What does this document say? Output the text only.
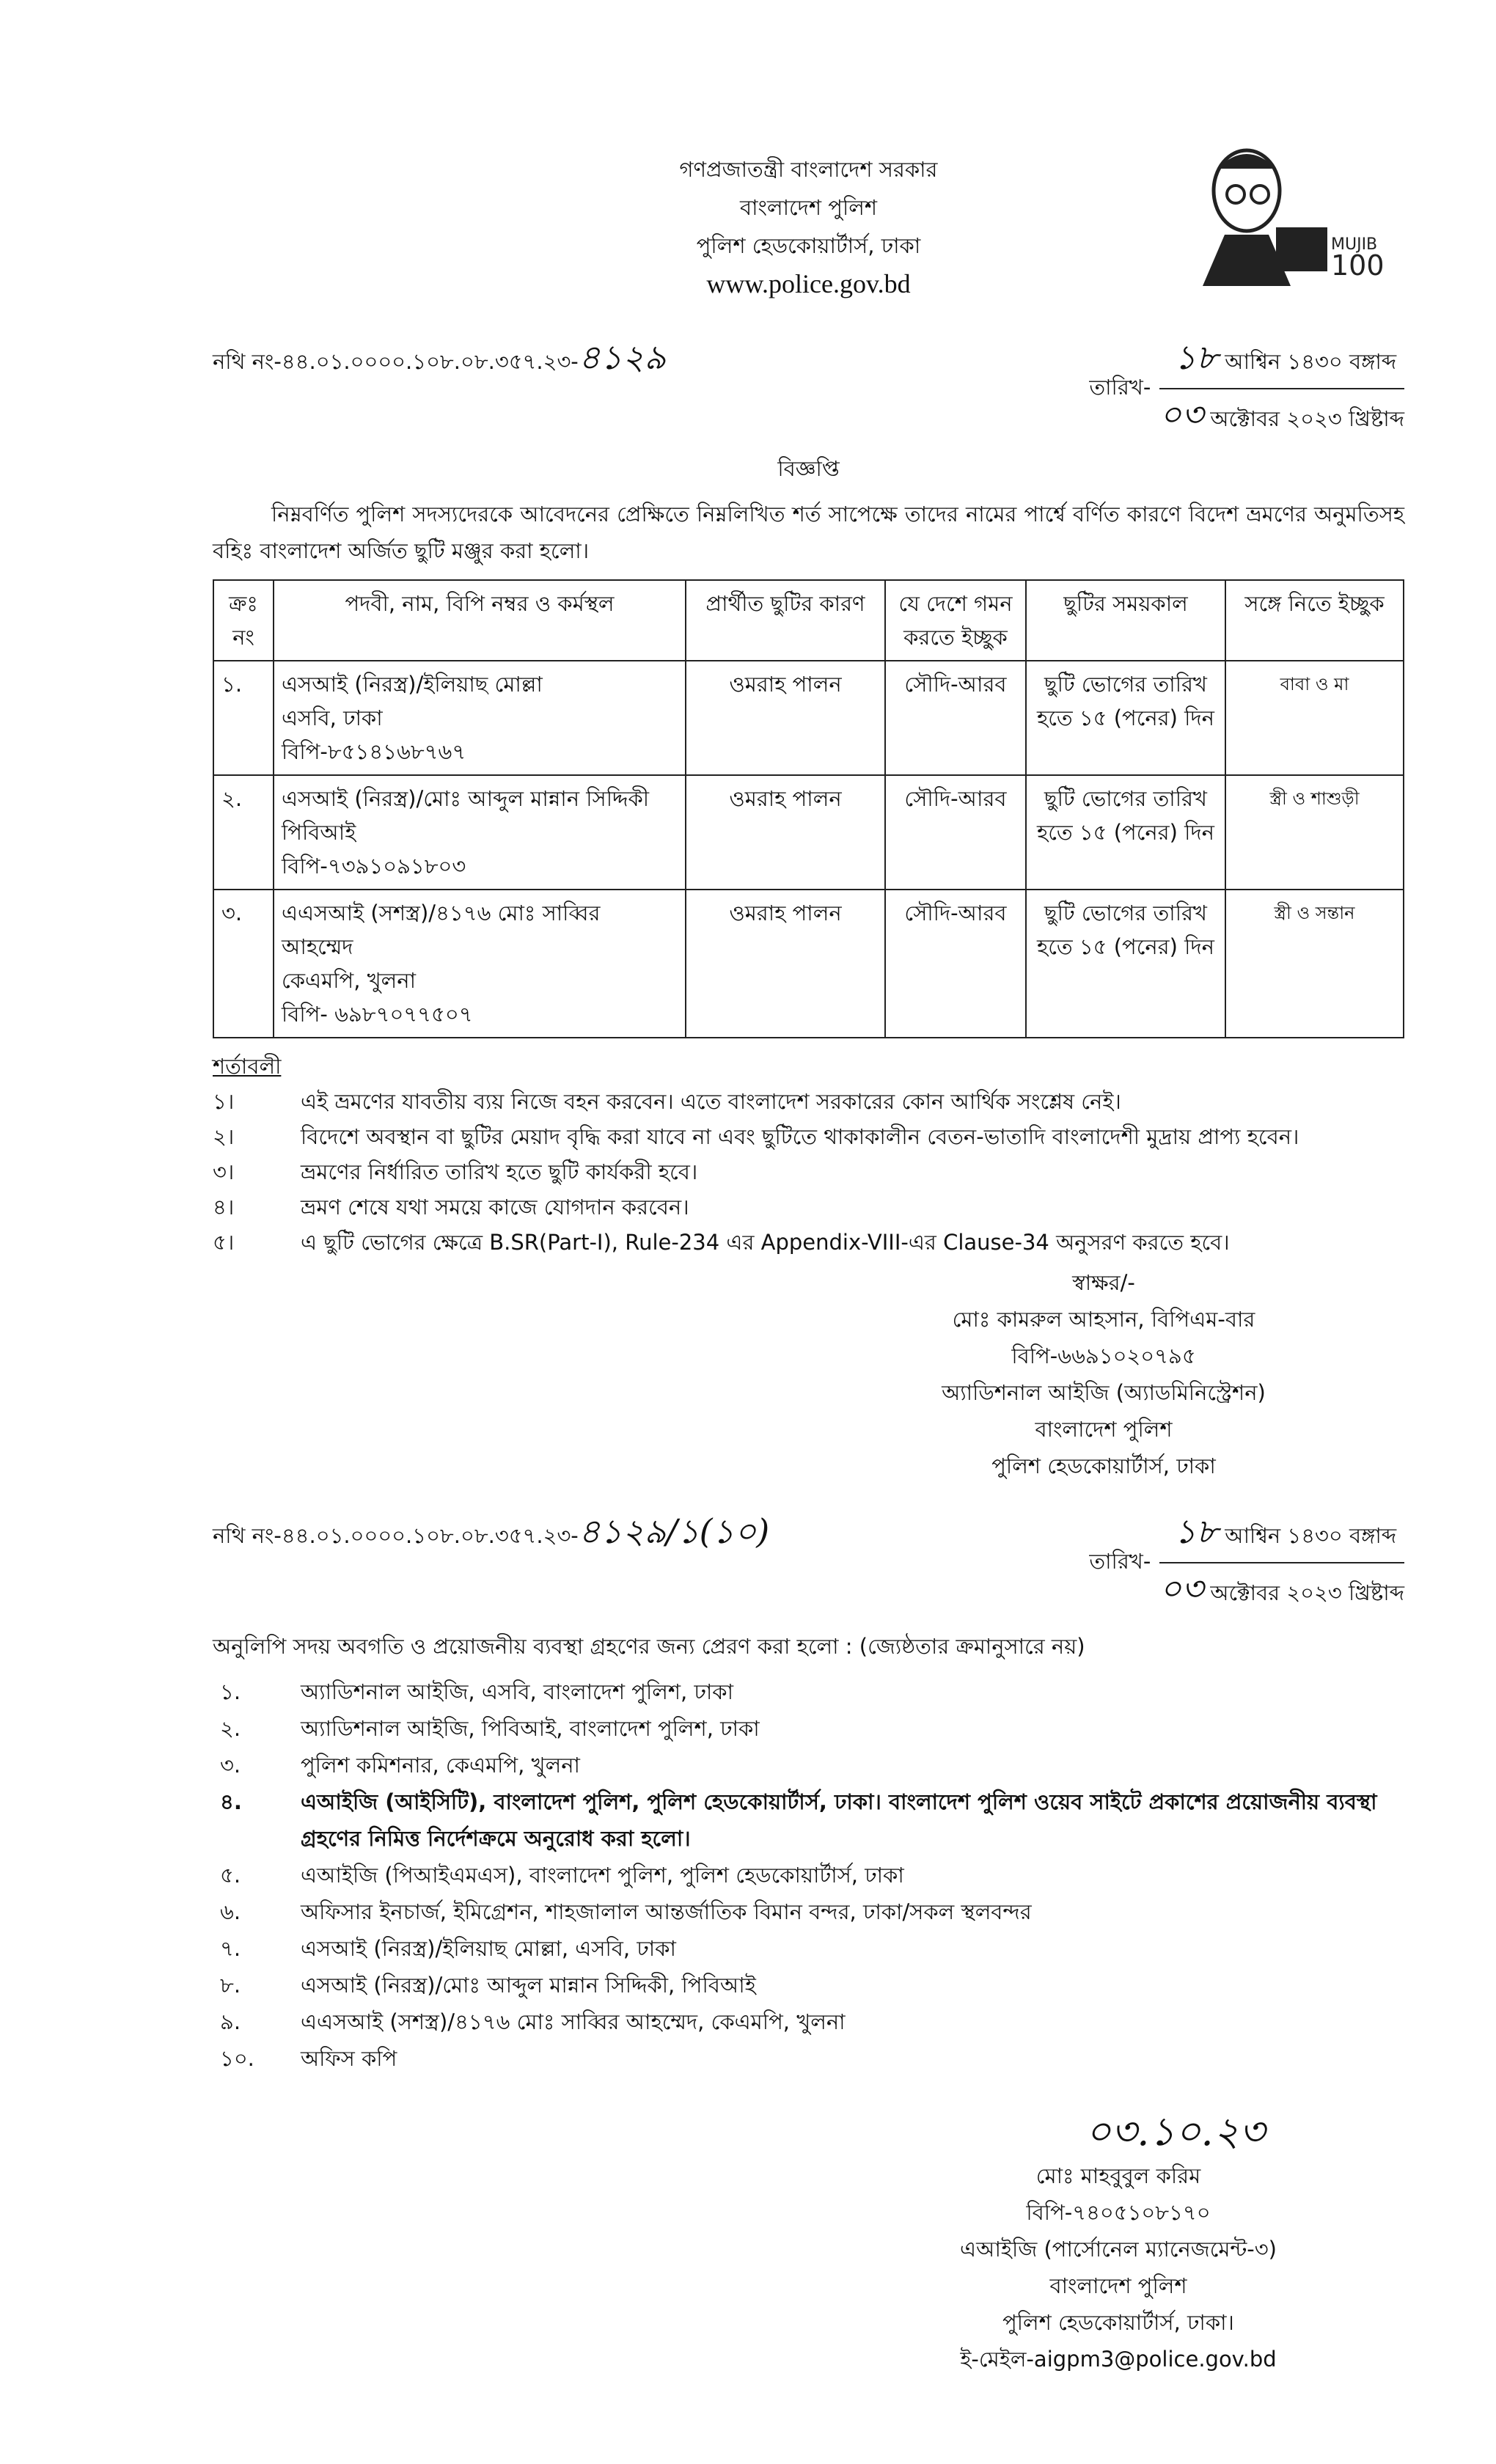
MUJIB
100
গণপ্রজাতন্ত্রী বাংলাদেশ সরকার
বাংলাদেশ পুলিশ
পুলিশ হেডকোয়ার্টার্স, ঢাকা
www.police.gov.bd
নথি নং-৪৪.০১.০০০০.১০৮.০৮.৩৫৭.২৩-৪১২৯
তারিখ-
১৮ আশ্বিন ১৪৩০ বঙ্গাব্দ
০৩ অক্টোবর ২০২৩ খ্রিষ্টাব্দ
বিজ্ঞপ্তি
নিম্নবর্ণিত পুলিশ সদস্যদেরকে আবেদনের প্রেক্ষিতে নিম্নলিখিত শর্ত সাপেক্ষে তাদের নামের পার্শ্বে বর্ণিত কারণে বিদেশ ভ্রমণের অনুমতিসহ বহিঃ বাংলাদেশ অর্জিত ছুটি মঞ্জুর করা হলো।
ক্রঃ নং	পদবী, নাম, বিপি নম্বর ও কর্মস্থল	প্রার্থীত ছুটির কারণ	যে দেশে গমন করতে ইচ্ছুক	ছুটির সময়কাল	সঙ্গে নিতে ইচ্ছুক
১.	এসআই (নিরস্ত্র)/ইলিয়াছ মোল্লা
এসবি, ঢাকা
বিপি-৮৫১৪১৬৮৭৬৭	ওমরাহ পালন	সৌদি-আরব	ছুটি ভোগের তারিখ হতে ১৫ (পনের) দিন	বাবা ও মা
২.	এসআই (নিরস্ত্র)/মোঃ আব্দুল মান্নান সিদ্দিকী
পিবিআই
বিপি-৭৩৯১০৯১৮০৩	ওমরাহ পালন	সৌদি-আরব	ছুটি ভোগের তারিখ হতে ১৫ (পনের) দিন	স্ত্রী ও শাশুড়ী
৩.	এএসআই (সশস্ত্র)/৪১৭৬ মোঃ সাব্বির আহম্মেদ
কেএমপি, খুলনা
বিপি- ৬৯৮৭০৭৭৫০৭	ওমরাহ পালন	সৌদি-আরব	ছুটি ভোগের তারিখ হতে ১৫ (পনের) দিন	স্ত্রী ও সন্তান
শর্তাবলী
১।	এই ভ্রমণের যাবতীয় ব্যয় নিজে বহন করবেন। এতে বাংলাদেশ সরকারের কোন আর্থিক সংশ্লেষ নেই।
২।	বিদেশে অবস্থান বা ছুটির মেয়াদ বৃদ্ধি করা যাবে না এবং ছুটিতে থাকাকালীন বেতন-ভাতাদি বাংলাদেশী মুদ্রায় প্রাপ্য হবেন।
৩।	ভ্রমণের নির্ধারিত তারিখ হতে ছুটি কার্যকরী হবে।
৪।	ভ্রমণ শেষে যথা সময়ে কাজে যোগদান করবেন।
৫।	এ ছুটি ভোগের ক্ষেত্রে B.SR(Part-I), Rule-234 এর Appendix-VIII-এর Clause-34 অনুসরণ করতে হবে।
স্বাক্ষর/-
মোঃ কামরুল আহসান, বিপিএম-বার
বিপি-৬৬৯১০২০৭৯৫
অ্যাডিশনাল আইজি (অ্যাডমিনিস্ট্রেশন)
বাংলাদেশ পুলিশ
পুলিশ হেডকোয়ার্টার্স, ঢাকা
নথি নং-৪৪.০১.০০০০.১০৮.০৮.৩৫৭.২৩-৪১২৯/১(১০)
তারিখ-
১৮ আশ্বিন ১৪৩০ বঙ্গাব্দ
০৩ অক্টোবর ২০২৩ খ্রিষ্টাব্দ
অনুলিপি সদয় অবগতি ও প্রয়োজনীয় ব্যবস্থা গ্রহণের জন্য প্রেরণ করা হলো : (জ্যেষ্ঠতার ক্রমানুসারে নয়)
১.	অ্যাডিশনাল আইজি, এসবি, বাংলাদেশ পুলিশ, ঢাকা
২.	অ্যাডিশনাল আইজি, পিবিআই, বাংলাদেশ পুলিশ, ঢাকা
৩.	পুলিশ কমিশনার, কেএমপি, খুলনা
৪.	এআইজি (আইসিটি), বাংলাদেশ পুলিশ, পুলিশ হেডকোয়ার্টার্স, ঢাকা। বাংলাদেশ পুলিশ ওয়েব সাইটে প্রকাশের প্রয়োজনীয় ব্যবস্থা গ্রহণের নিমিত্ত নির্দেশক্রমে অনুরোধ করা হলো।
৫.	এআইজি (পিআইএমএস), বাংলাদেশ পুলিশ, পুলিশ হেডকোয়ার্টার্স, ঢাকা
৬.	অফিসার ইনচার্জ, ইমিগ্রেশন, শাহজালাল আন্তর্জাতিক বিমান বন্দর, ঢাকা/সকল স্থলবন্দর
৭.	এসআই (নিরস্ত্র)/ইলিয়াছ মোল্লা, এসবি, ঢাকা
৮.	এসআই (নিরস্ত্র)/মোঃ আব্দুল মান্নান সিদ্দিকী, পিবিআই
৯.	এএসআই (সশস্ত্র)/৪১৭৬ মোঃ সাব্বির আহম্মেদ, কেএমপি, খুলনা
১০.	অফিস কপি
০৩.১০.২৩
মোঃ মাহবুবুল করিম
বিপি-৭৪০৫১০৮১৭০
এআইজি (পার্সোনেল ম্যানেজমেন্ট-৩)
বাংলাদেশ পুলিশ
পুলিশ হেডকোয়ার্টার্স, ঢাকা।
ই-মেইল-aigpm3@police.gov.bd
